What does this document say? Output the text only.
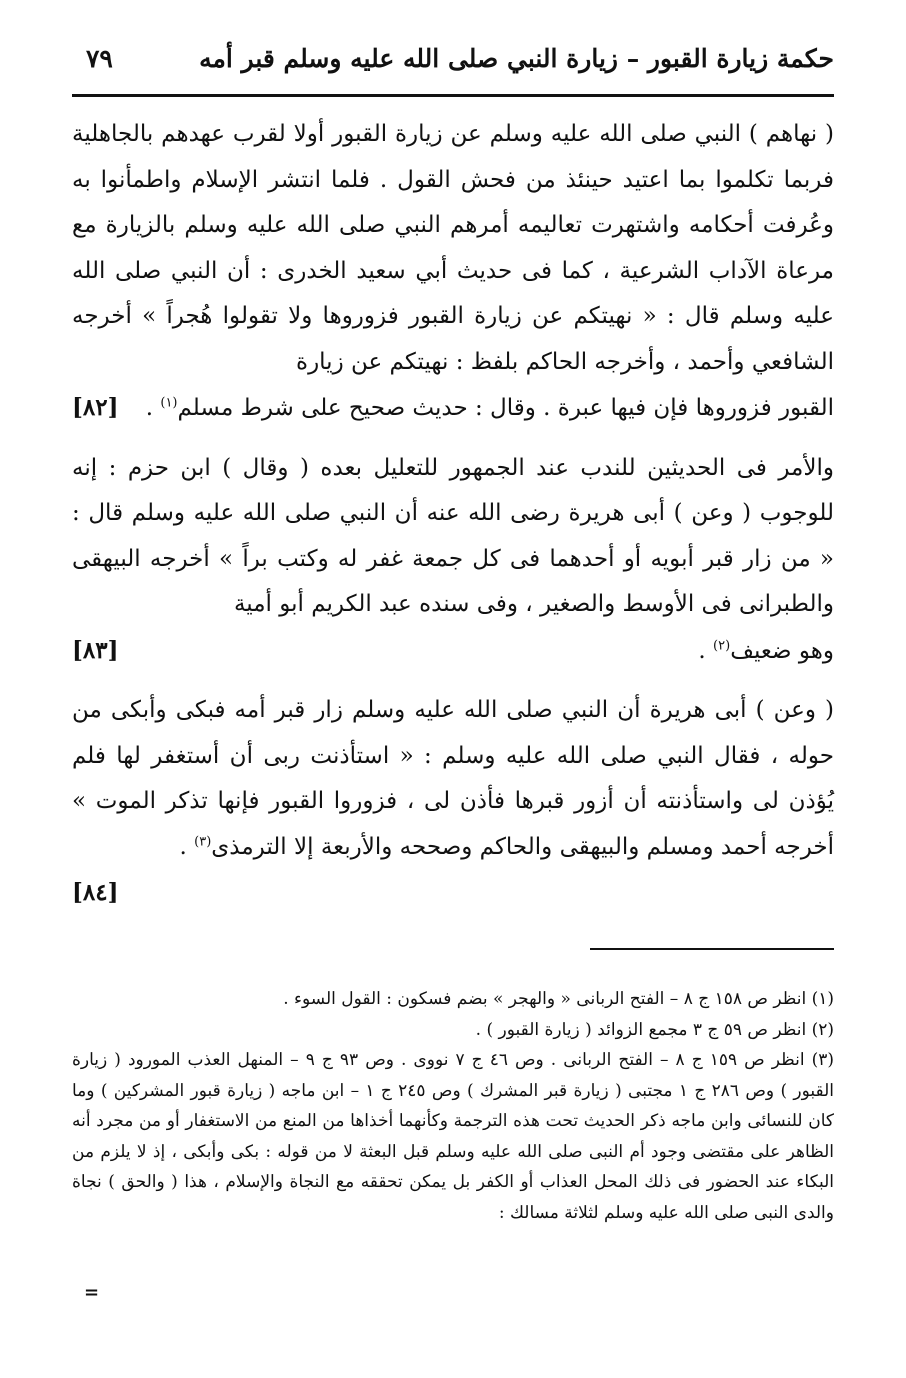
حكمة زيارة القبور – زيارة النبي صلى الله عليه وسلم قبر أمه
٧٩
( نهاهم ) النبي صلى الله عليه وسلم عن زيارة القبور أولا لقرب عهدهم بالجاهلية فربما تكلموا بما اعتيد حينئذ من فحش القول . فلما انتشر الإسلام واطمأنوا به وعُرفت أحكامه واشتهرت تعاليمه أمرهم النبي صلى الله عليه وسلم بالزيارة مع مرعاة الآداب الشرعية ، كما فى حديث أبي سعيد الخدرى : أن النبي صلى الله عليه وسلم قال : « نهيتكم عن زيارة القبور فزوروها ولا تقولوا هُجراً » أخرجه الشافعي وأحمد ، وأخرجه الحاكم بلفظ : نهيتكم عن زيارة
القبور فزوروها فإن فيها عبرة . وقال : حديث صحيح على شرط مسلم$^{(١)}$ .
[٨٢]
والأمر فى الحديثين للندب عند الجمهور للتعليل بعده ( وقال ) ابن حزم : إنه للوجوب ( وعن ) أبى هريرة رضى الله عنه أن النبي صلى الله عليه وسلم قال : « من زار قبر أبويه أو أحدهما فى كل جمعة غفر له وكتب براً » أخرجه البيهقى والطبرانى فى الأوسط والصغير ، وفى سنده عبد الكريم أبو أمية
وهو ضعيف$^{(٢)}$ .
[٨٣]
( وعن ) أبى هريرة أن النبي صلى الله عليه وسلم زار قبر أمه فبكى وأبكى من حوله ، فقال النبي صلى الله عليه وسلم : « استأذنت ربى أن أستغفر لها فلم يُؤذن لى واستأذنته أن أزور قبرها فأذن لى ، فزوروا القبور فإنها تذكر الموت » أخرجه أحمد ومسلم والبيهقى والحاكم وصححه والأربعة إلا الترمذى$^{(٣)}$ .
[٨٤]

(١) انظر ص ١٥٨ ج ٨ – الفتح الربانى « والهجر » بضم فسكون : القول السوء .

(٢) انظر ص ٥٩ ج ٣ مجمع الزوائد ( زيارة القبور ) .

(٣) انظر ص ١٥٩ ج ٨ – الفتح الربانى . وص ٤٦ ج ٧ نووى . وص ٩٣ ج ٩ – المنهل العذب المورود ( زيارة القبور ) وص ٢٨٦ ج ١ مجتبى ( زيارة قبر المشرك ) وص ٢٤٥ ج ١ – ابن ماجه ( زيارة قبور المشركين ) وما كان للنسائى وابن ماجه ذكر الحديث تحت هذه الترجمة وكأنهما أخذاها من المنع من الاستغفار أو من مجرد أنه الظاهر على مقتضى وجود أم النبى صلى الله عليه وسلم قبل البعثة لا من قوله : بكى وأبكى ، إذ لا يلزم من البكاء عند الحضور فى ذلك المحل العذاب أو الكفر بل يمكن تحققه مع النجاة والإسلام ، هذا ( والحق ) نجاة والدى النبى صلى الله عليه وسلم لثلاثة مسالك :

=
